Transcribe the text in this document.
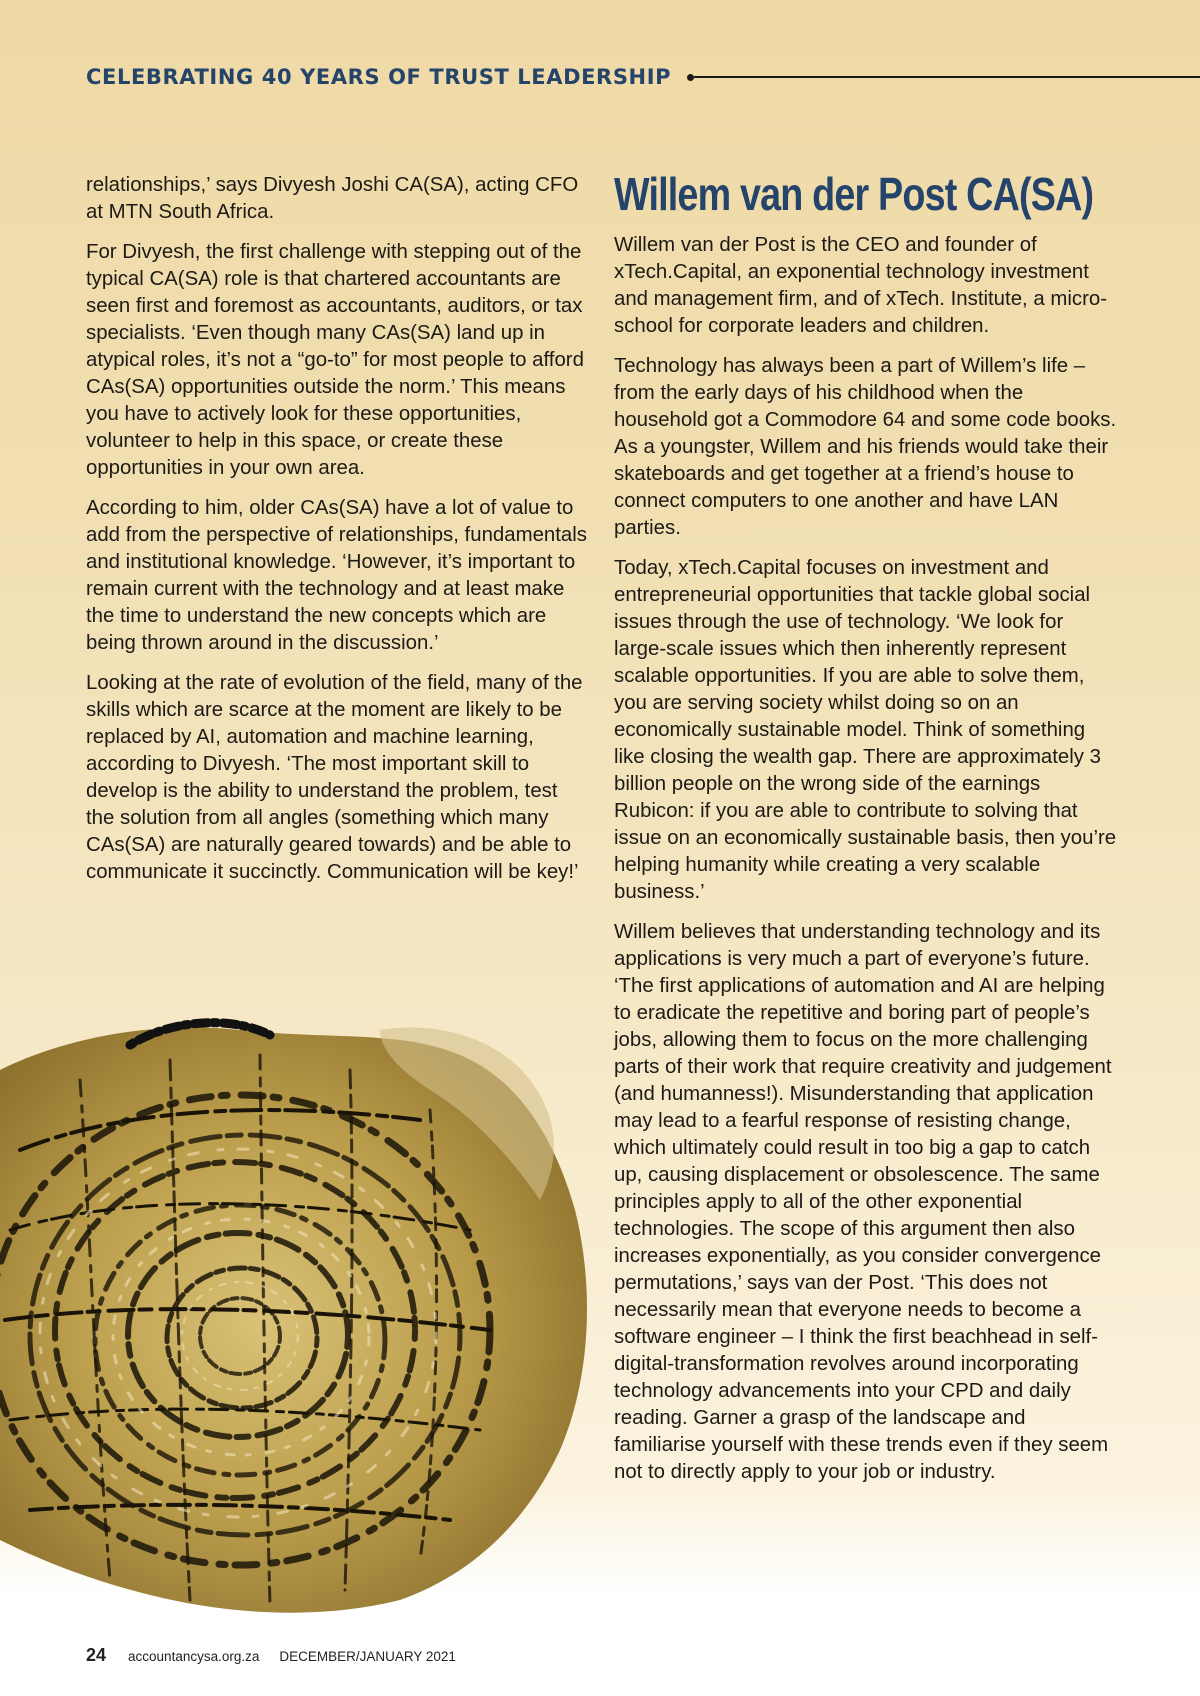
CELEBRATING 40 YEARS OF TRUST LEADERSHIP

relationships,’ says Divyesh Joshi CA(SA), acting CFO at MTN South Africa.

For Divyesh, the first challenge with stepping out of the typical CA(SA) role is that chartered accountants are seen first and foremost as accountants, auditors, or tax specialists. ‘Even though many CAs(SA) land up in atypical roles, it’s not a “go-to” for most people to afford CAs(SA) opportunities outside the norm.’ This means you have to actively look for these opportunities, volunteer to help in this space, or create these opportunities in your own area.

According to him, older CAs(SA) have a lot of value to add from the perspective of relationships, fundamentals and institutional knowledge. ‘However, it’s important to remain current with the technology and at least make the time to understand the new concepts which are being thrown around in the discussion.’

Looking at the rate of evolution of the field, many of the skills which are scarce at the moment are likely to be replaced by AI, automation and machine learning, according to Divyesh. ‘The most important skill to develop is the ability to understand the problem, test the solution from all angles (something which many CAs(SA) are naturally geared towards) and be able to communicate it succinctly. Communication will be key!’

Willem van der Post CA(SA)

Willem van der Post is the CEO and founder of xTech.Capital, an exponential technology investment and management firm, and of xTech. Institute, a micro-school for corporate leaders and children.

Technology has always been a part of Willem’s life – from the early days of his childhood when the household got a Commodore 64 and some code books. As a youngster, Willem and his friends would take their skateboards and get together at a friend’s house to connect computers to one another and have LAN parties.

Today, xTech.Capital focuses on investment and entrepreneurial opportunities that tackle global social issues through the use of technology. ‘We look for large-scale issues which then inherently represent scalable opportunities. If you are able to solve them, you are serving society whilst doing so on an economically sustainable model. Think of something like closing the wealth gap. There are approximately 3 billion people on the wrong side of the earnings Rubicon: if you are able to contribute to solving that issue on an economically sustainable basis, then you’re helping humanity while creating a very scalable business.’

Willem believes that understanding technology and its applications is very much a part of everyone’s future. ‘The first applications of automation and AI are helping to eradicate the repetitive and boring part of people’s jobs, allowing them to focus on the more challenging parts of their work that require creativity and judgement (and humanness!). Misunderstanding that application may lead to a fearful response of resisting change, which ultimately could result in too big a gap to catch up, causing displacement or obsolescence. The same principles apply to all of the other exponential technologies. The scope of this argument then also increases exponentially, as you consider convergence permutations,’ says van der Post. ‘This does not necessarily mean that everyone needs to become a software engineer – I think the first beachhead in self-digital-transformation revolves around incorporating technology advancements into your CPD and daily reading. Garner a grasp of the landscape and familiarise yourself with these trends even if they seem not to directly apply to your job or industry.

24 accountancysa.org.za DECEMBER/JANUARY 2021
